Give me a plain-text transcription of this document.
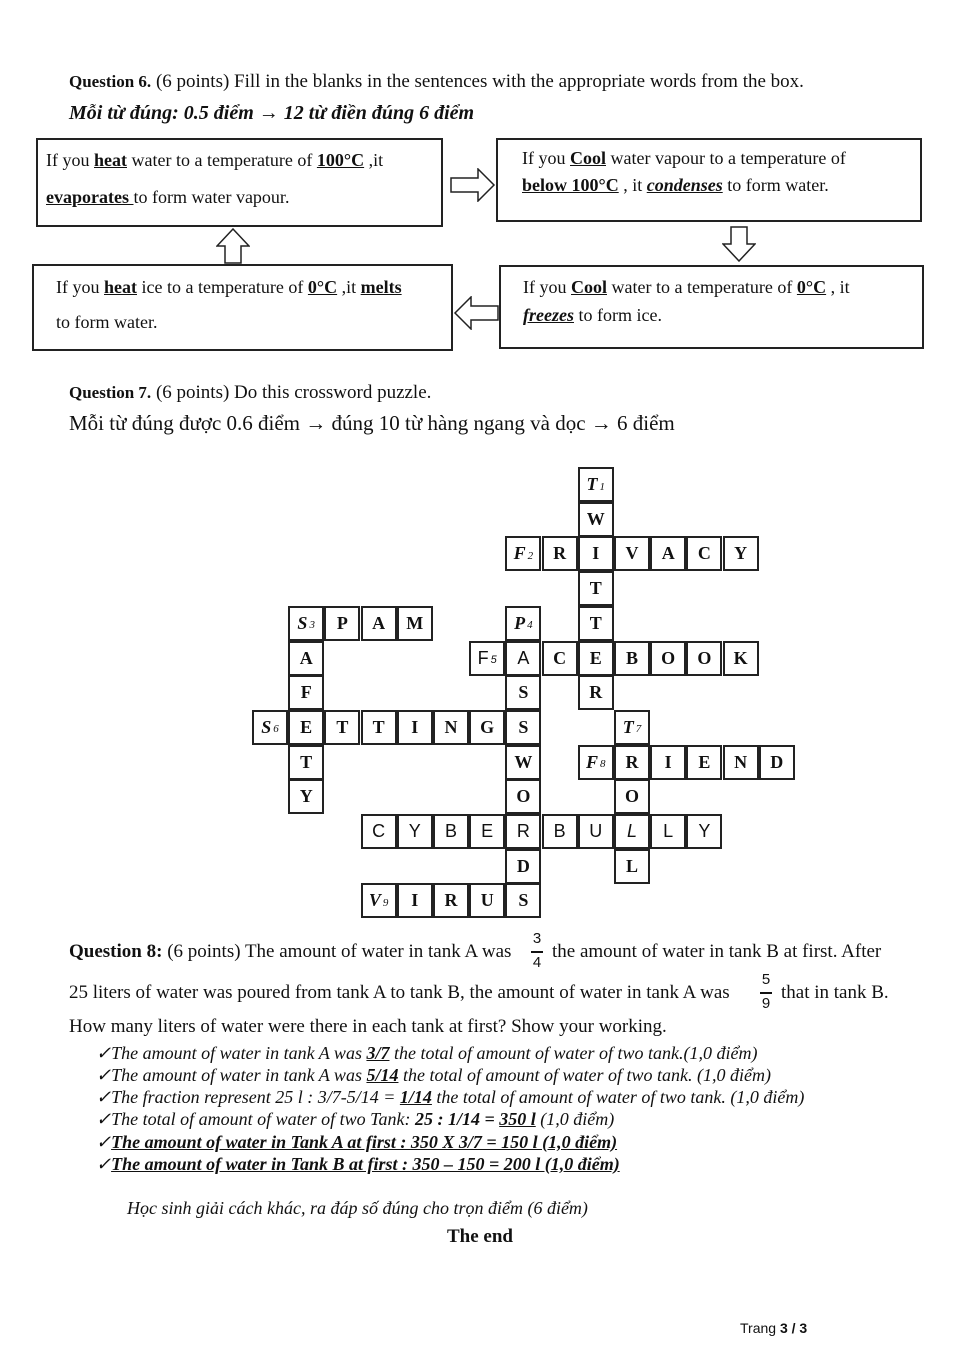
Question 6. (6 points) Fill in the blanks in the sentences with the appropriate words from the box.
Mỗi từ đúng: 0.5 điểm → 12 từ điền đúng 6 điểm
If you heat water to a temperature of 100°C ,it
evaporates to form water vapour.
If you Cool water vapour to a temperature of
below 100°C , it condenses to form water.
If you heat ice to a temperature of 0°C ,it melts
to form water.
If you Cool water to a temperature of 0°C , it
freezes to form ice.
Question 7. (6 points) Do this crossword puzzle.
Mỗi từ đúng được 0.6 điểm → đúng 10 từ hàng ngang và dọc → 6 điểm
T 1
W
F 2 R I V A C Y
T
S 3 P A M	P 4	T
A	F 5 A C E B O O K
F	S	R
S 6 E T T I N G S	T 7
T	W	F 8 R I E N D
Y	O	O
C Y B E R B U L L Y
D	L
V 9 I R U S
Question 8: (6 points) The amount of water in tank A was
3
4
the amount of water in tank B at first. After
25 liters of water was poured from tank A to tank B, the amount of water in tank A was
5
9
that in tank B.
How many liters of water were there in each tank at first? Show your working.
✓The amount of water in tank A was 3/7 the total of amount of water of two tank.(1,0 điểm)
✓The amount of water in tank A was 5/14 the total of amount of water of two tank. (1,0 điểm)
✓The fraction represent 25 l : 3/7-5/14 = 1/14 the total of amount of water of two tank. (1,0 điểm)
✓The total of amount of water of two Tank: 25 : 1/14 = 350 l (1,0 điểm)
✓The amount of water in Tank A at first : 350 X 3/7 = 150 l (1,0 điểm)
✓The amount of water in Tank B at first : 350 – 150 = 200 l (1,0 điểm)
Học sinh giải cách khác, ra đáp số đúng cho trọn điểm (6 điểm)
The end
Trang 3 / 3
